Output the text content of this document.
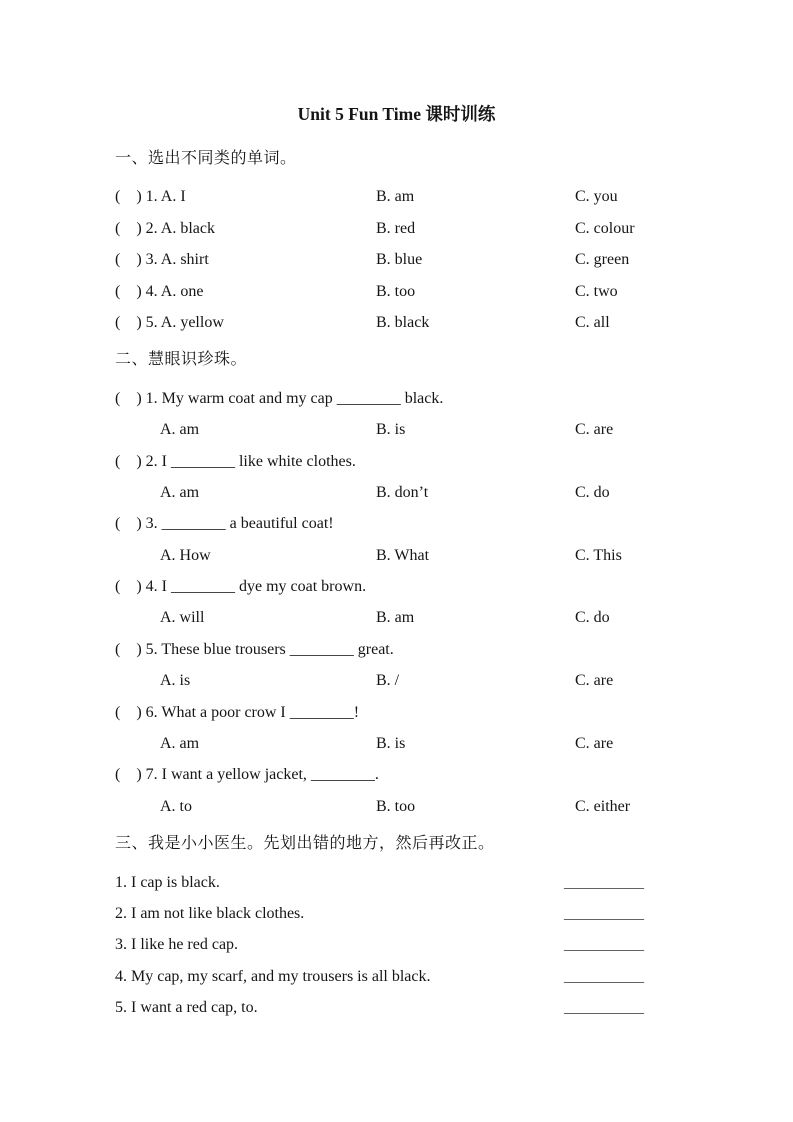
Unit 5 Fun Time 课时训练
一、选出不同类的单词。
(    ) 1. A. I	B. am	C. you
(    ) 2. A. black	B. red	C. colour
(    ) 3. A. shirt	B. blue	C. green
(    ) 4. A. one	B. too	C. two
(    ) 5. A. yellow	B. black	C. all
二、慧眼识珍珠。
(    ) 1. My warm coat and my cap ________ black.
A. am	B. is	C. are
(    ) 2. I ________ like white clothes.
A. am	B. don’t	C. do
(    ) 3. ________ a beautiful coat!
A. How	B. What	C. This
(    ) 4. I ________ dye my coat brown.
A. will	B. am	C. do
(    ) 5. These blue trousers ________ great.
A. is	B. /	C. are
(    ) 6. What a poor crow I ________!
A. am	B. is	C. are
(    ) 7. I want a yellow jacket, ________.
A. to	B. too	C. either
三、我是小小医生。先划出错的地方，然后再改正。
1. I cap is black.	__________
2. I am not like black clothes.	__________
3. I like he red cap.	__________
4. My cap, my scarf, and my trousers is all black.	__________
5. I want a red cap, to.	__________
